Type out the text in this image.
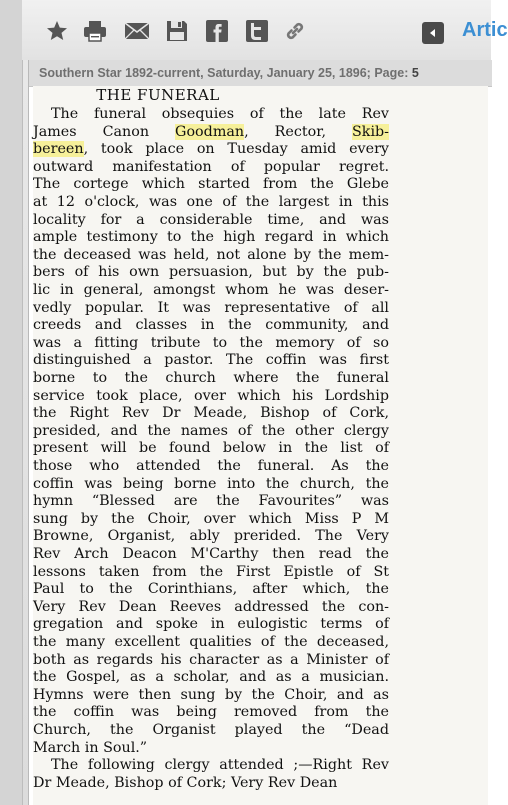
Artic
Southern Star 1892-current, Saturday, January 25, 1896; Page: 5
THE FUNERAL
The funeral obsequies of the late Rev
James Canon Goodman, Rector, Skib-
bereen, took place on Tuesday amid every
outward manifestation of popular regret.
The cortege which started from the Glebe
at 12 o'clock, was one of the largest in this
locality for a considerable time, and was
ample testimony to the high regard in which
the deceased was held, not alone by the mem-
bers of his own persuasion, but by the pub-
lic in general, amongst whom he was deser-
vedly popular. It was representative of all
creeds and classes in the community, and
was a fitting tribute to the memory of so
distinguished a pastor. The coffin was first
borne to the church where the funeral
service took place, over which his Lordship
the Right Rev Dr Meade, Bishop of Cork,
presided, and the names of the other clergy
present will be found below in the list of
those who attended the funeral. As the
coffin was being borne into the church, the
hymn “Blessed are the Favourites” was
sung by the Choir, over which Miss P M
Browne, Organist, ably prerided. The Very
Rev Arch Deacon M'Carthy then read the
lessons taken from the First Epistle of St
Paul to the Corinthians, after which, the
Very Rev Dean Reeves addressed the con-
gregation and spoke in eulogistic terms of
the many excellent qualities of the deceased,
both as regards his character as a Minister of
the Gospel, as a scholar, and as a musician.
Hymns were then sung by the Choir, and as
the coffin was being removed from the
Church, the Organist played the “Dead
March in Soul.”
The following clergy attended ;—Right Rev
Dr Meade, Bishop of Cork; Very Rev Dean
